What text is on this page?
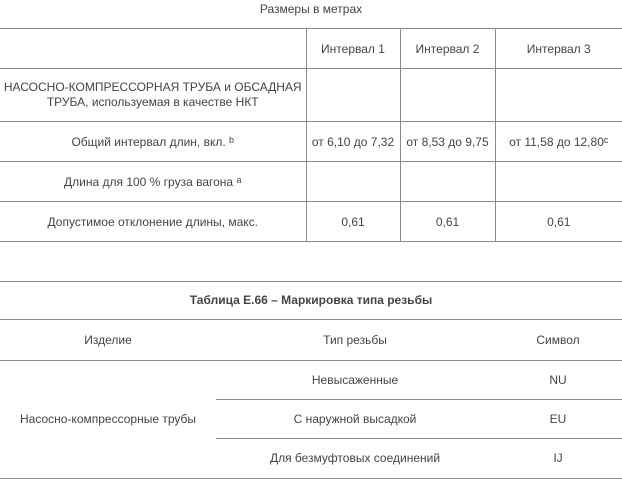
Размеры в метрах
	Интервал 1	Интервал 2	Интервал 3
НАСОСНО-КОМПРЕССОРНАЯ ТРУБА и ОБСАДНАЯ ТРУБА, используемая в качестве НКТ			
Общий интервал длин, вкл. $^b$	от 6,10 до 7,32	от 8,53 до 9,75	от 11,58 до 12,80$^c$
Длина для 100 % груза вагона $^a$			
Допустимое отклонение длины, макс.	0,61	0,61	0,61
Таблица E.66 – Маркировка типа резьбы
Изделие	Тип резьбы	Символ
Насосно-компрессорные трубы	Невысаженные	NU
	С наружной высадкой	EU
	Для безмуфтовых соединений	IJ
